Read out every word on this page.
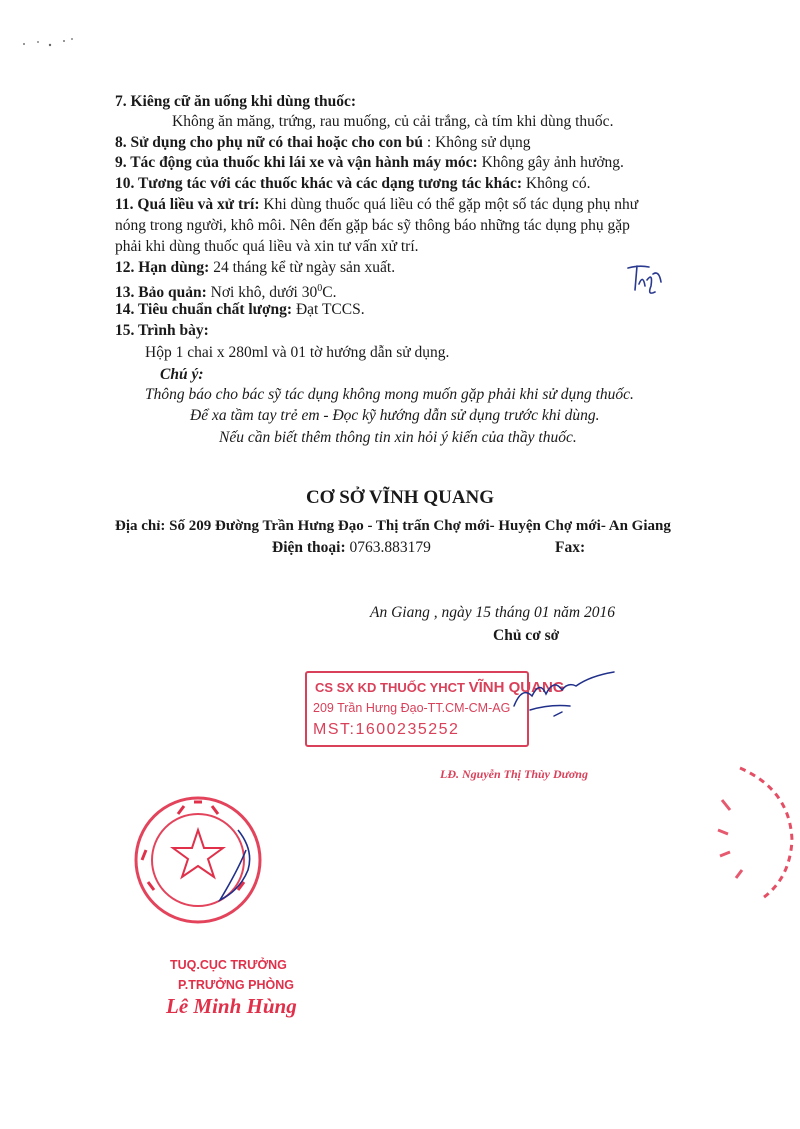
7. Kiêng cữ ăn uống khi dùng thuốc:
Không ăn măng, trứng, rau muống, củ cải trắng, cà tím khi dùng thuốc.
8. Sử dụng cho phụ nữ có thai hoặc cho con bú : Không sử dụng
9. Tác động của thuốc khi lái xe và vận hành máy móc: Không gây ảnh hưởng.
10. Tương tác với các thuốc khác và các dạng tương tác khác: Không có.
11. Quá liều và xử trí: Khi dùng thuốc quá liều có thể gặp một số tác dụng phụ như
nóng trong người, khô môi. Nên đến gặp bác sỹ thông báo những tác dụng phụ gặp
phải khi dùng thuốc quá liều và xin tư vấn xử trí.
12. Hạn dùng: 24 tháng kể từ ngày sản xuất.
13. Bảo quản: Nơi khô, dưới $30^0C$.
14. Tiêu chuẩn chất lượng: Đạt TCCS.
15. Trình bày:
Hộp 1 chai x 280ml và 01 tờ hướng dẫn sử dụng.
Chú ý:
Thông báo cho bác sỹ tác dụng không mong muốn gặp phải khi sử dụng thuốc.
Để xa tầm tay trẻ em - Đọc kỹ hướng dẫn sử dụng trước khi dùng.
Nếu cần biết thêm thông tin xin hỏi ý kiến của thầy thuốc.
CƠ SỞ VĨNH QUANG
Địa chỉ: Số 209 Đường Trần Hưng Đạo - Thị trấn Chợ mới- Huyện Chợ mới- An Giang
Điện thoại: 0763.883179	Fax:
An Giang , ngày 15 tháng 01 năm 2016
Chủ cơ sở
CS SX KD THUỐC YHCT VĨNH QUANG
209 Trần Hưng Đạo-TT.CM-CM-AG
MST:1600235252
LĐ. Nguyễn Thị Thùy Dương
TUQ.CỤC TRƯỞNG
P.TRƯỞNG PHÒNG
Lê Minh Hùng
